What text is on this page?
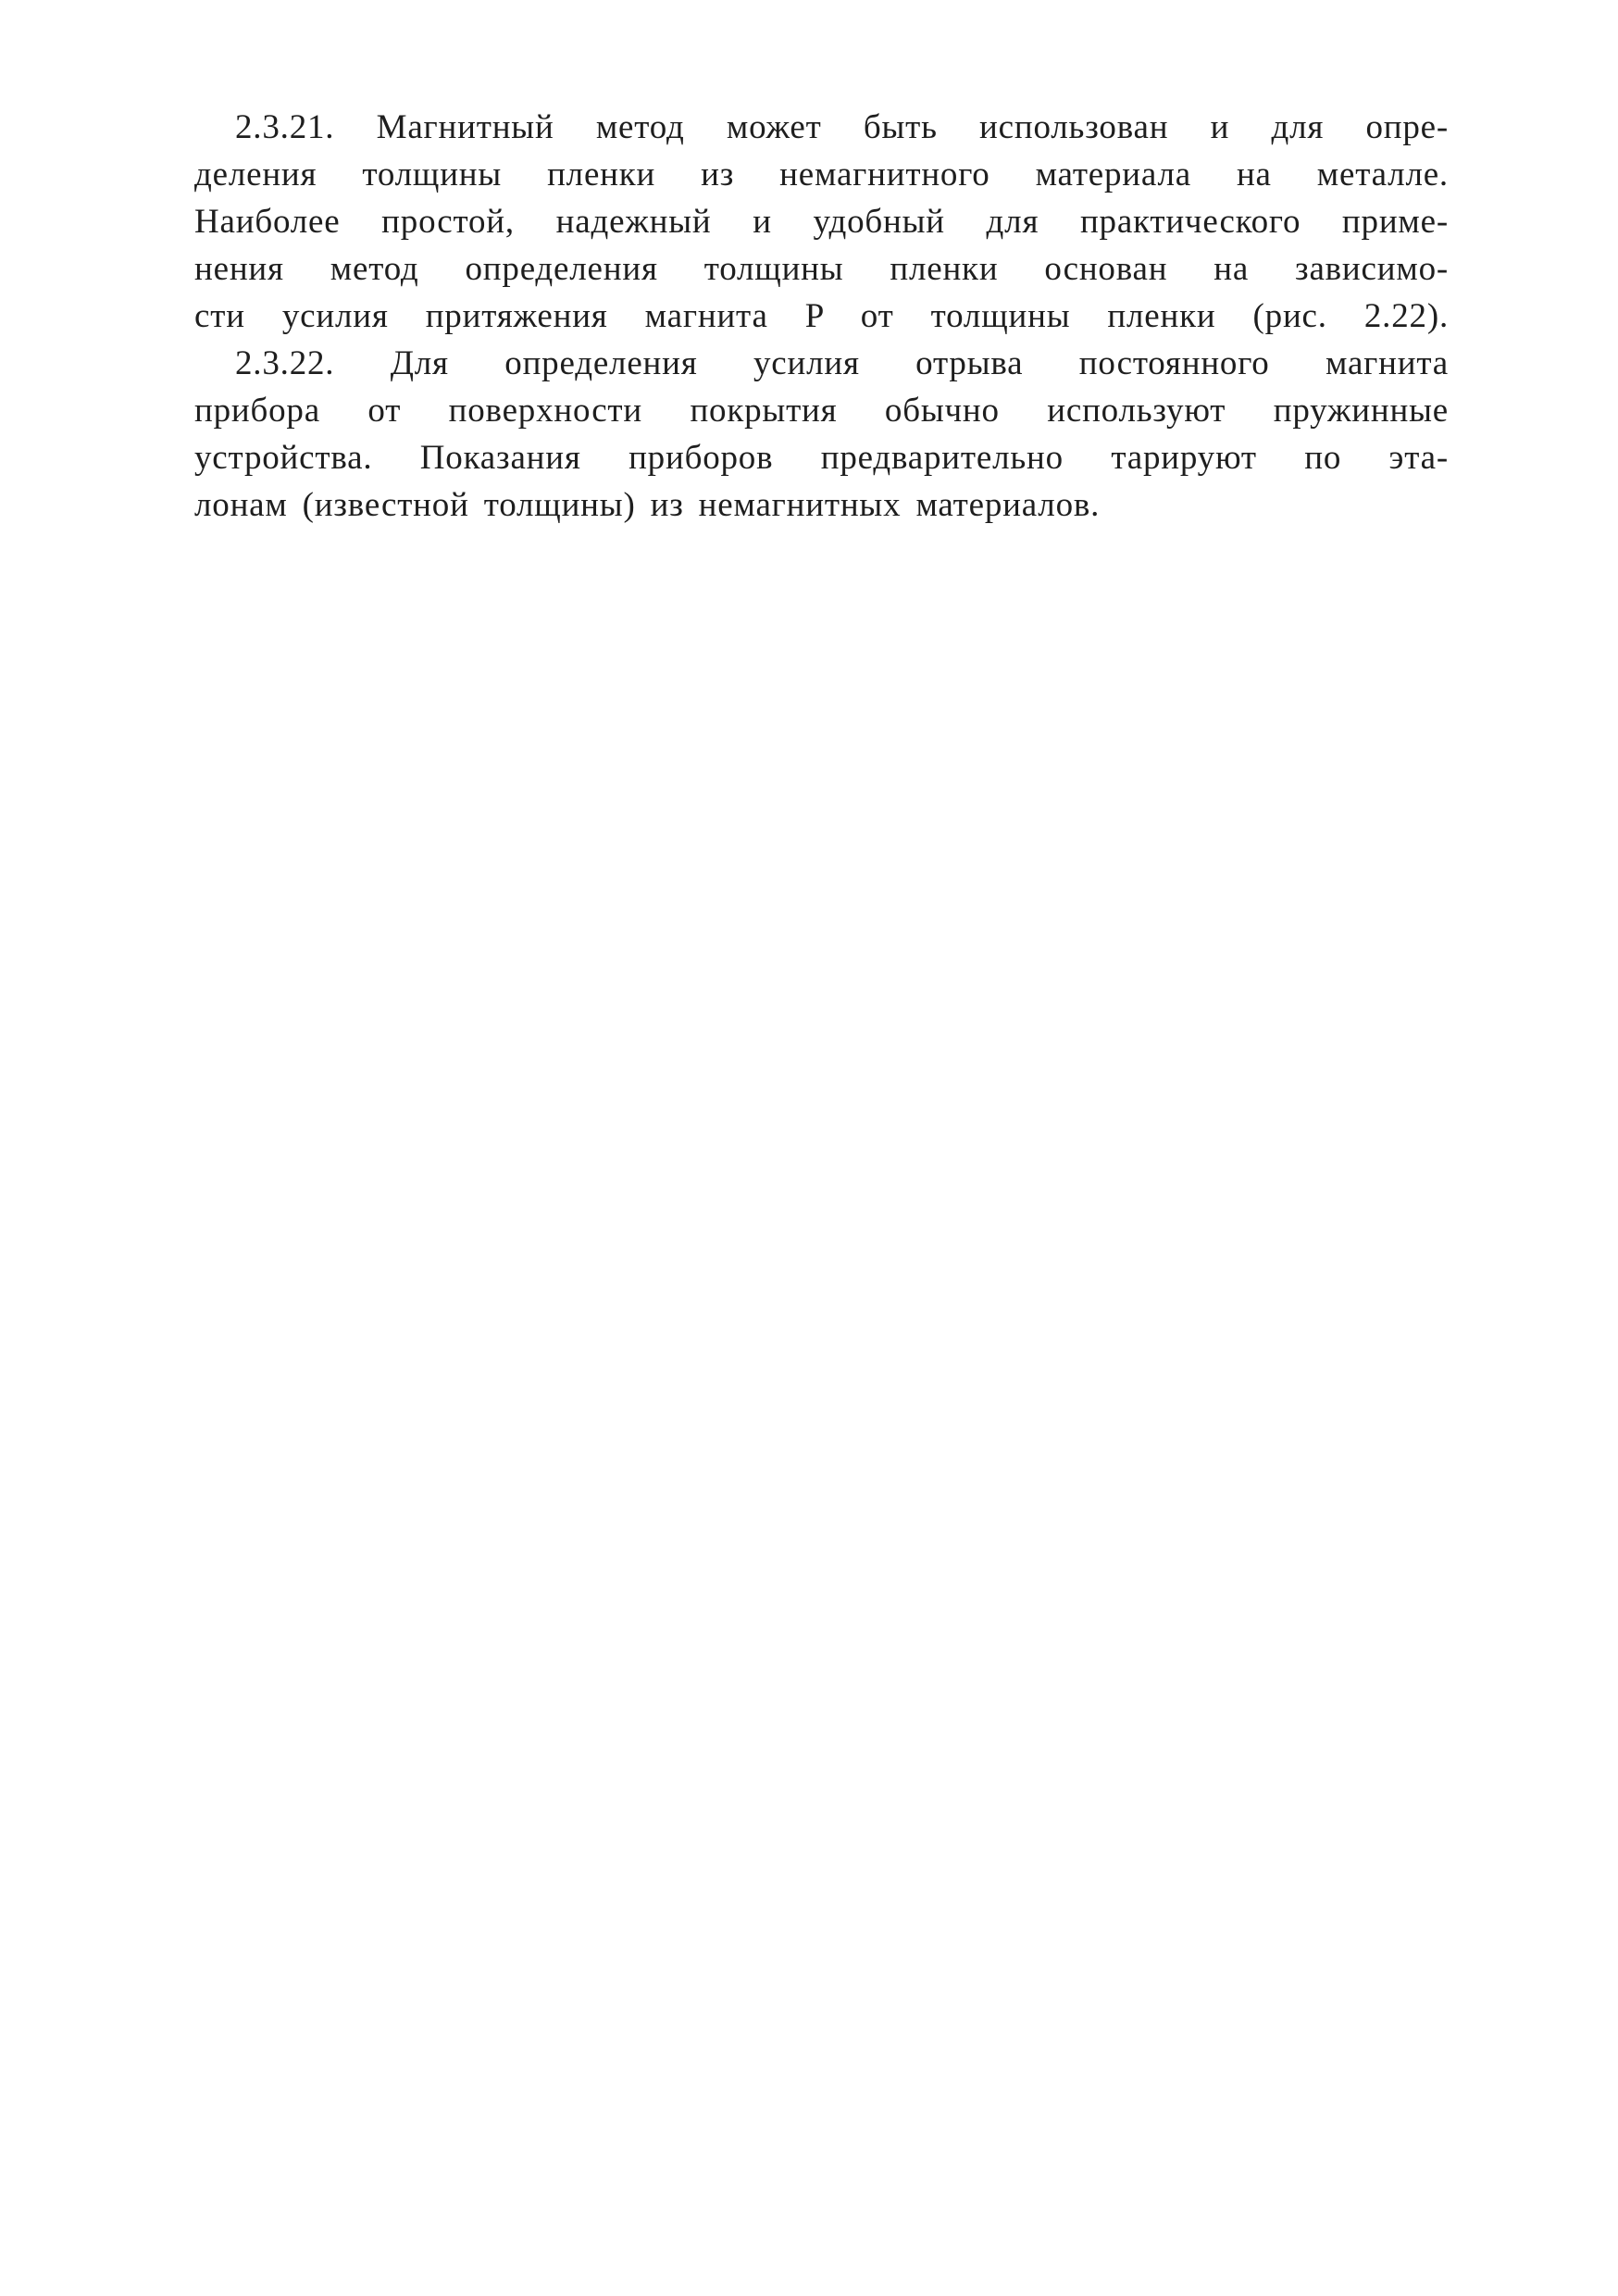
2.3.21. Магнитный метод может быть использован и для опре-
деления толщины пленки из немагнитного материала на металле.
Наиболее простой, надежный и удобный для практического приме-
нения метод определения толщины пленки основан на зависимо-
сти усилия притяжения магнита P от толщины пленки (рис. 2.22).
2.3.22. Для определения усилия отрыва постоянного магнита
прибора от поверхности покрытия обычно используют пружинные
устройства. Показания приборов предварительно тарируют по эта-
лонам (известной толщины) из немагнитных материалов.
